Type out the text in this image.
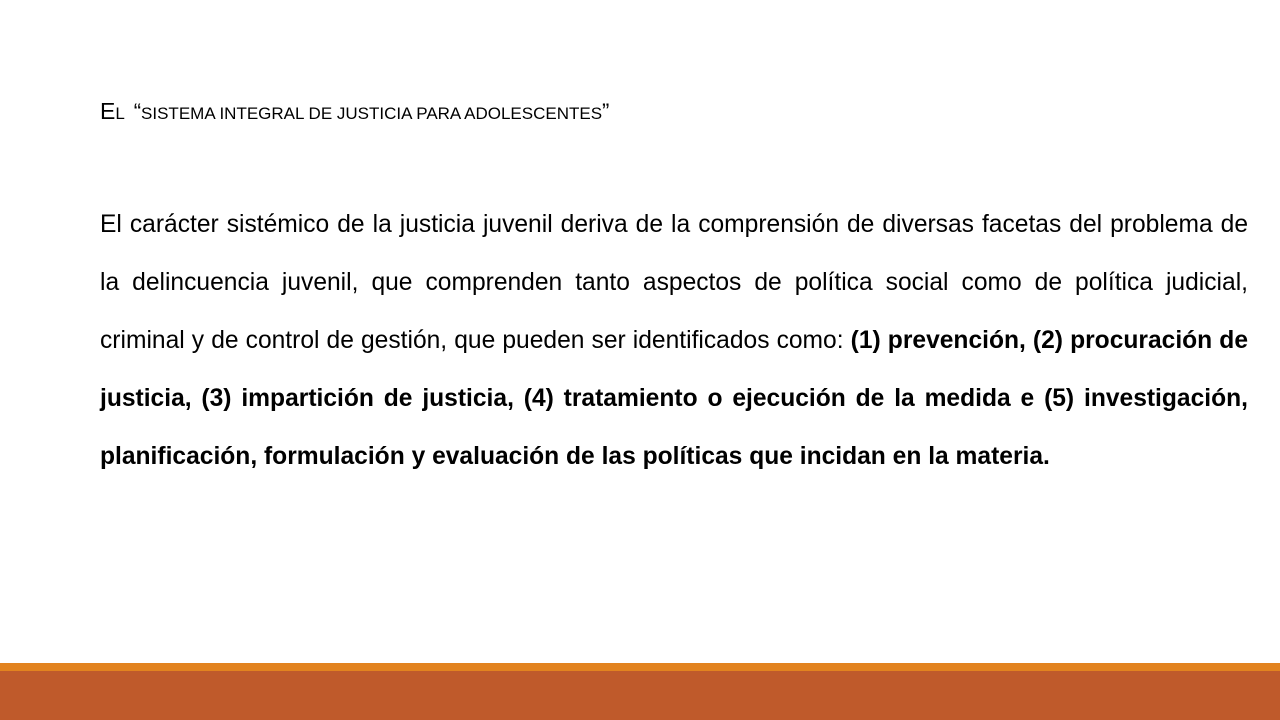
EL “SISTEMA INTEGRAL DE JUSTICIA PARA ADOLESCENTES”

El carácter sistémico de la justicia juvenil deriva de la comprensión de diversas facetas del problema de la delincuencia juvenil, que comprenden tanto aspectos de política social como de política judicial, criminal y de control de gestión, que pueden ser identificados como: (1) prevención, (2) procuración de justicia, (3) impartición de justicia, (4) tratamiento o ejecución de la medida e (5) investigación, planificación, formulación y evaluación de las políticas que incidan en la materia.
